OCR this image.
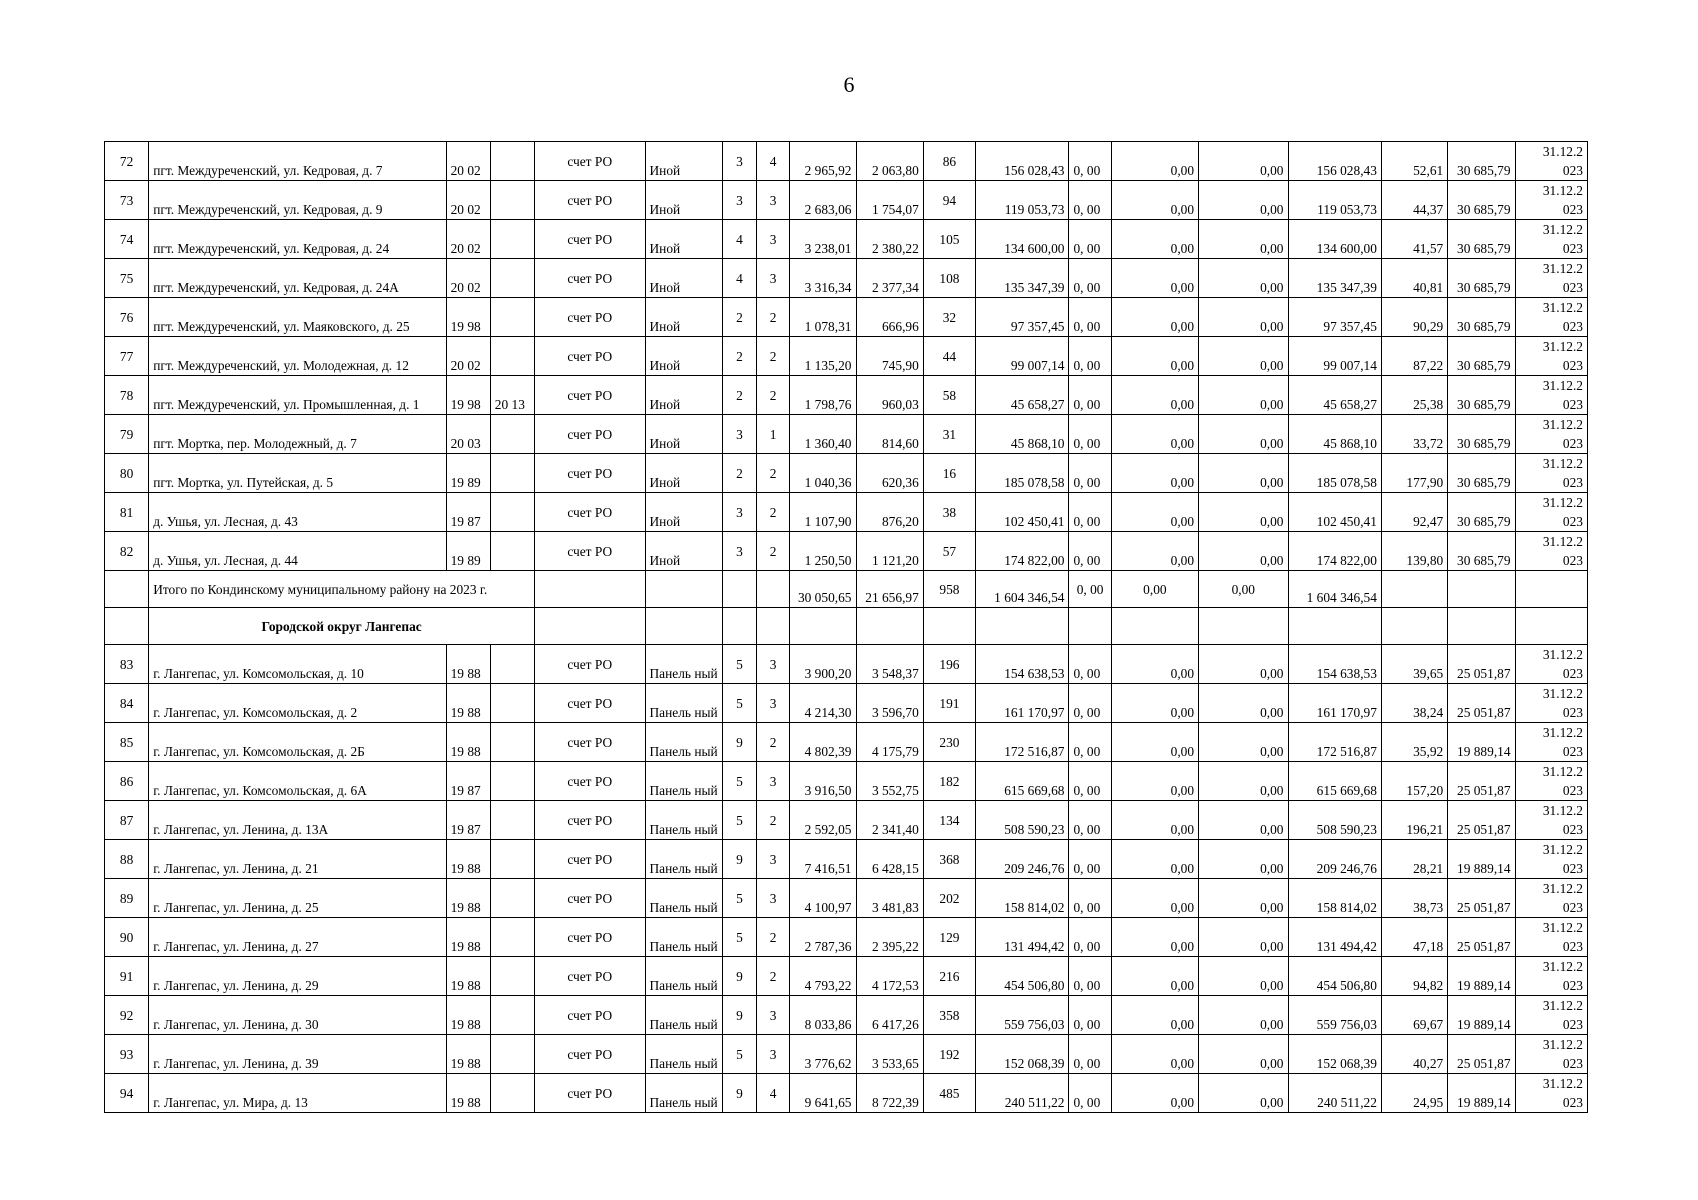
6
72	пгт. Междуреченский, ул. Кедровая, д. 7	20 02		счет РО	Иной	3	4	2 965,92	2 063,80	86	156 028,43	0, 00	0,00	0,00	156 028,43	52,61	30 685,79	31.12.2 023
73	пгт. Междуреченский, ул. Кедровая, д. 9	20 02		счет РО	Иной	3	3	2 683,06	1 754,07	94	119 053,73	0, 00	0,00	0,00	119 053,73	44,37	30 685,79	31.12.2 023
74	пгт. Междуреченский, ул. Кедровая, д. 24	20 02		счет РО	Иной	4	3	3 238,01	2 380,22	105	134 600,00	0, 00	0,00	0,00	134 600,00	41,57	30 685,79	31.12.2 023
75	пгт. Междуреченский, ул. Кедровая, д. 24А	20 02		счет РО	Иной	4	3	3 316,34	2 377,34	108	135 347,39	0, 00	0,00	0,00	135 347,39	40,81	30 685,79	31.12.2 023
76	пгт. Междуреченский, ул. Маяковского, д. 25	19 98		счет РО	Иной	2	2	1 078,31	666,96	32	97 357,45	0, 00	0,00	0,00	97 357,45	90,29	30 685,79	31.12.2 023
77	пгт. Междуреченский, ул. Молодежная, д. 12	20 02		счет РО	Иной	2	2	1 135,20	745,90	44	99 007,14	0, 00	0,00	0,00	99 007,14	87,22	30 685,79	31.12.2 023
78	пгт. Междуреченский, ул. Промышленная, д. 1	19 98	20 13	счет РО	Иной	2	2	1 798,76	960,03	58	45 658,27	0, 00	0,00	0,00	45 658,27	25,38	30 685,79	31.12.2 023
79	пгт. Мортка, пер. Молодежный, д. 7	20 03		счет РО	Иной	3	1	1 360,40	814,60	31	45 868,10	0, 00	0,00	0,00	45 868,10	33,72	30 685,79	31.12.2 023
80	пгт. Мортка, ул. Путейская, д. 5	19 89		счет РО	Иной	2	2	1 040,36	620,36	16	185 078,58	0, 00	0,00	0,00	185 078,58	177,90	30 685,79	31.12.2 023
81	д. Ушья, ул. Лесная, д. 43	19 87		счет РО	Иной	3	2	1 107,90	876,20	38	102 450,41	0, 00	0,00	0,00	102 450,41	92,47	30 685,79	31.12.2 023
82	д. Ушья, ул. Лесная, д. 44	19 89		счет РО	Иной	3	2	1 250,50	1 121,20	57	174 822,00	0, 00	0,00	0,00	174 822,00	139,80	30 685,79	31.12.2 023
	Итого по Кондинскому муниципальному району на 2023 г.							30 050,65	21 656,97	958	1 604 346,54	0, 00	0,00	0,00	1 604 346,54			
	Городской округ Лангепас																	
83	г. Лангепас, ул. Комсомольская, д. 10	19 88		счет РО	Панель ный	5	3	3 900,20	3 548,37	196	154 638,53	0, 00	0,00	0,00	154 638,53	39,65	25 051,87	31.12.2 023
84	г. Лангепас, ул. Комсомольская, д. 2	19 88		счет РО	Панель ный	5	3	4 214,30	3 596,70	191	161 170,97	0, 00	0,00	0,00	161 170,97	38,24	25 051,87	31.12.2 023
85	г. Лангепас, ул. Комсомольская, д. 2Б	19 88		счет РО	Панель ный	9	2	4 802,39	4 175,79	230	172 516,87	0, 00	0,00	0,00	172 516,87	35,92	19 889,14	31.12.2 023
86	г. Лангепас, ул. Комсомольская, д. 6А	19 87		счет РО	Панель ный	5	3	3 916,50	3 552,75	182	615 669,68	0, 00	0,00	0,00	615 669,68	157,20	25 051,87	31.12.2 023
87	г. Лангепас, ул. Ленина, д. 13А	19 87		счет РО	Панель ный	5	2	2 592,05	2 341,40	134	508 590,23	0, 00	0,00	0,00	508 590,23	196,21	25 051,87	31.12.2 023
88	г. Лангепас, ул. Ленина, д. 21	19 88		счет РО	Панель ный	9	3	7 416,51	6 428,15	368	209 246,76	0, 00	0,00	0,00	209 246,76	28,21	19 889,14	31.12.2 023
89	г. Лангепас, ул. Ленина, д. 25	19 88		счет РО	Панель ный	5	3	4 100,97	3 481,83	202	158 814,02	0, 00	0,00	0,00	158 814,02	38,73	25 051,87	31.12.2 023
90	г. Лангепас, ул. Ленина, д. 27	19 88		счет РО	Панель ный	5	2	2 787,36	2 395,22	129	131 494,42	0, 00	0,00	0,00	131 494,42	47,18	25 051,87	31.12.2 023
91	г. Лангепас, ул. Ленина, д. 29	19 88		счет РО	Панель ный	9	2	4 793,22	4 172,53	216	454 506,80	0, 00	0,00	0,00	454 506,80	94,82	19 889,14	31.12.2 023
92	г. Лангепас, ул. Ленина, д. 30	19 88		счет РО	Панель ный	9	3	8 033,86	6 417,26	358	559 756,03	0, 00	0,00	0,00	559 756,03	69,67	19 889,14	31.12.2 023
93	г. Лангепас, ул. Ленина, д. 39	19 88		счет РО	Панель ный	5	3	3 776,62	3 533,65	192	152 068,39	0, 00	0,00	0,00	152 068,39	40,27	25 051,87	31.12.2 023
94	г. Лангепас, ул. Мира, д. 13	19 88		счет РО	Панель ный	9	4	9 641,65	8 722,39	485	240 511,22	0, 00	0,00	0,00	240 511,22	24,95	19 889,14	31.12.2 023
